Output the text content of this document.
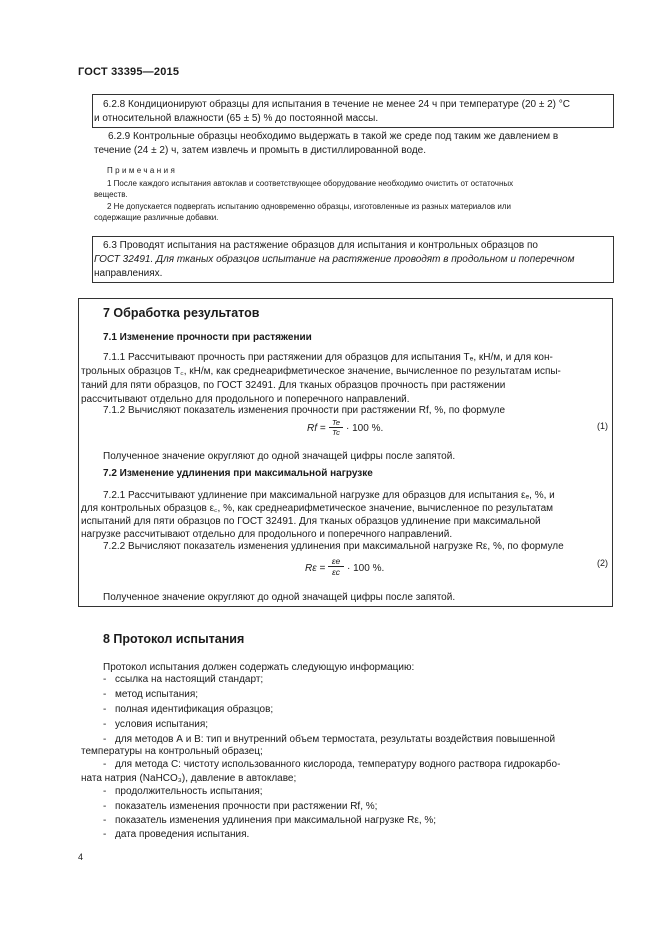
ГОСТ 33395—2015
6.2.8 Кондиционируют образцы для испытания в течение не менее 24 ч при температуре (20 ± 2) °С
и относительной влажности (65 ± 5) % до постоянной массы.
6.2.9 Контрольные образцы необходимо выдержать в такой же среде под таким же давлением в
течение (24 ± 2) ч, затем извлечь и промыть в дистиллированной воде.
Примечания
1 После каждого испытания автоклав и соответствующее оборудование необходимо очистить от остаточных
веществ.
2 Не допускается подвергать испытанию одновременно образцы, изготовленные из разных материалов или
содержащие различные добавки.
6.3 Проводят испытания на растяжение образцов для испытания и контрольных образцов по
ГОСТ 32491. Для тканых образцов испытание на растяжение проводят в продольном и поперечном
направлениях.
7 Обработка результатов
7.1 Изменение прочности при растяжении
7.1.1 Рассчитывают прочность при растяжении для образцов для испытания Tₑ, кН/м, и для кон-
трольных образцов T꜀, кН/м, как среднеарифметическое значение, вычисленное по результатам испы-
таний для пяти образцов, по ГОСТ 32491. Для тканых образцов прочность при растяжении
рассчитывают отдельно для продольного и поперечного направлений.
7.1.2 Вычисляют показатель изменения прочности при растяжении Rf, %, по формуле
Rf =
Te
Tc · 100 %.	(1)
Полученное значение округляют до одной значащей цифры после запятой.
7.2 Изменение удлинения при максимальной нагрузке
7.2.1 Рассчитывают удлинение при максимальной нагрузке для образцов для испытания εₑ, %, и
для контрольных образцов ε꜀, %, как среднеарифметическое значение, вычисленное по результатам
испытаний для пяти образцов по ГОСТ 32491. Для тканых образцов удлинение при максимальной
нагрузке рассчитывают отдельно для продольного и поперечного направлений.
7.2.2 Вычисляют показатель изменения удлинения при максимальной нагрузке Rε, %, по формуле
Rε =
εe
εc · 100 %.	(2)
Полученное значение округляют до одной значащей цифры после запятой.
8 Протокол испытания
Протокол испытания должен содержать следующую информацию:
- ссылка на настоящий стандарт;
- метод испытания;
- полная идентификация образцов;
- условия испытания;
- для методов А и В: тип и внутренний объем термостата, результаты воздействия повышенной
температуры на контрольный образец;
- для метода С: чистоту использованного кислорода, температуру водного раствора гидрокарбо-
ната натрия (NaHCO₃), давление в автоклаве;
- продолжительность испытания;
- показатель изменения прочности при растяжении Rf, %;
- показатель изменения удлинения при максимальной нагрузке Rε, %;
- дата проведения испытания.
4
